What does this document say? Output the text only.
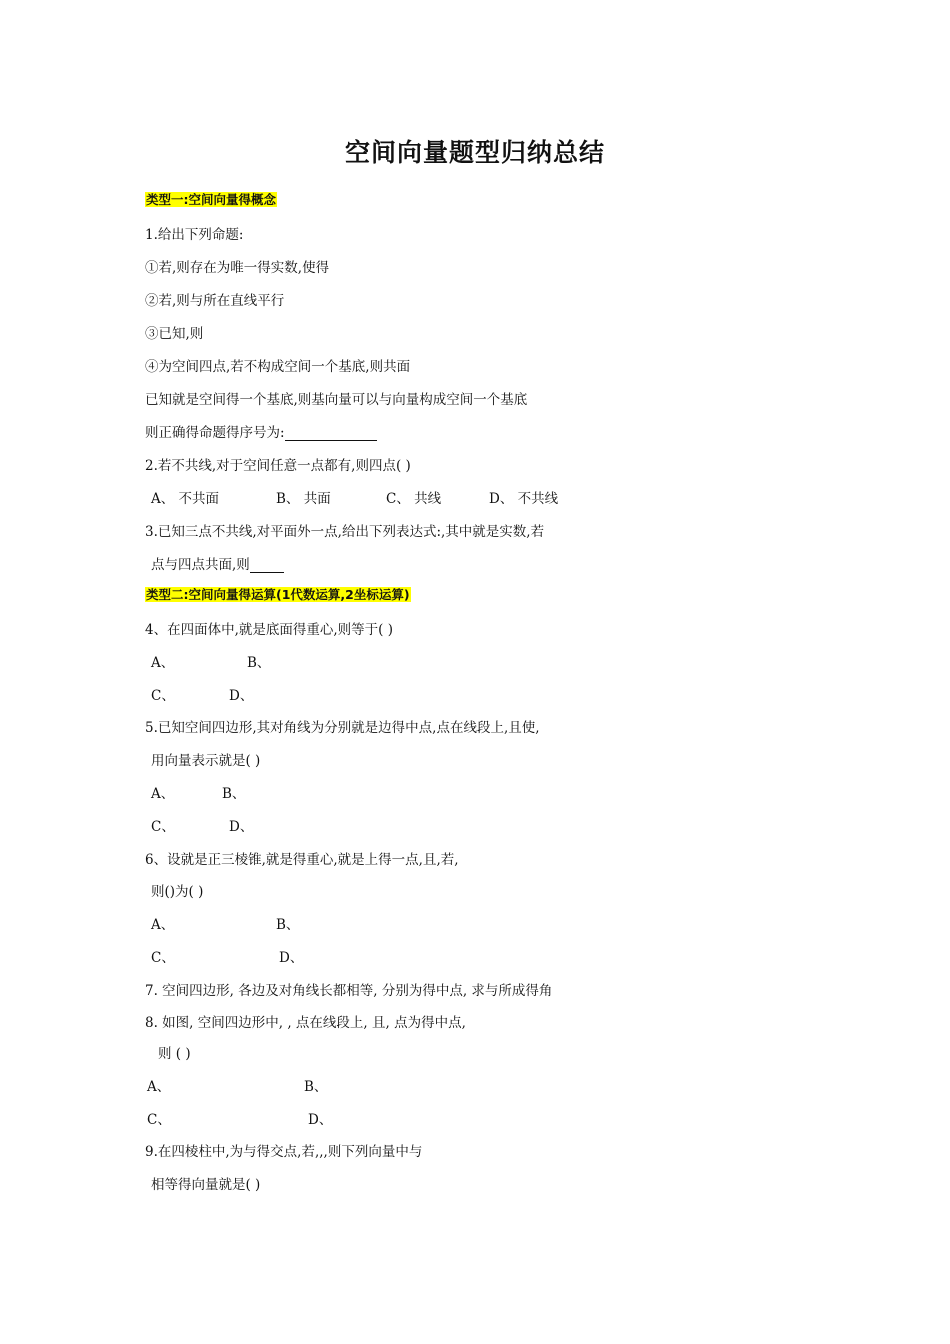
空间向量题型归纳总结
类型一:空间向量得概念
1.给出下列命题:
①若,则存在为唯一得实数,使得
②若,则与所在直线平行
③已知,则
④为空间四点,若不构成空间一个基底,则共面
已知就是空间得一个基底,则基向量可以与向量构成空间一个基底
则正确得命题得序号为:
2.若不共线,对于空间任意一点都有,则四点( )
A、 不共面	B、 共面	C、 共线	D、 不共线
3.已知三点不共线,对平面外一点,给出下列表达式:,其中就是实数,若
点与四点共面,则
类型二:空间向量得运算(1代数运算,2坐标运算)
4、在四面体中,就是底面得重心,则等于( )
A、	B、
C、	D、
5.已知空间四边形,其对角线为分别就是边得中点,点在线段上,且使,
用向量表示就是( )
A、	B、
C、	D、
6、设就是正三棱锥,就是得重心,就是上得一点,且,若,
则()为( )
A、	B、
C、	D、
7. 空间四边形, 各边及对角线长都相等, 分别为得中点, 求与所成得角
8. 如图, 空间四边形中, , 点在线段上, 且, 点为得中点,
则 ( )
A、	B、
C、	D、
9.在四棱柱中,为与得交点,若,,,则下列向量中与
相等得向量就是( )
